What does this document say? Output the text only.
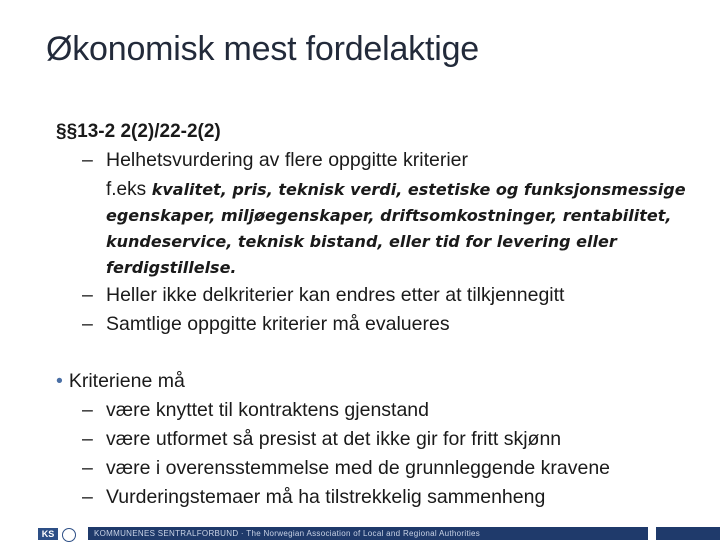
Økonomisk mest fordelaktige
§§13-2 2(2)/22-2(2)
– Helhetsvurdering av flere oppgitte kriterier
f.eks kvalitet, pris, teknisk verdi, estetiske og funksjonsmessige
egenskaper, miljøegenskaper, driftsomkostninger, rentabilitet,
kundeservice, teknisk bistand, eller tid for levering eller
ferdigstillelse.
– Heller ikke delkriterier kan endres etter at tilkjennegitt
– Samtlige oppgitte kriterier må evalueres
• Kriteriene må
– være knyttet til kontraktens gjenstand
– være utformet så presist at det ikke gir for fritt skjønn
– være i overensstemmelse med de grunnleggende kravene
– Vurderingstemaer må ha tilstrekkelig sammenheng
KS	KOMMUNENES SENTRALFORBUND · The Norwegian Association of Local and Regional Authorities
